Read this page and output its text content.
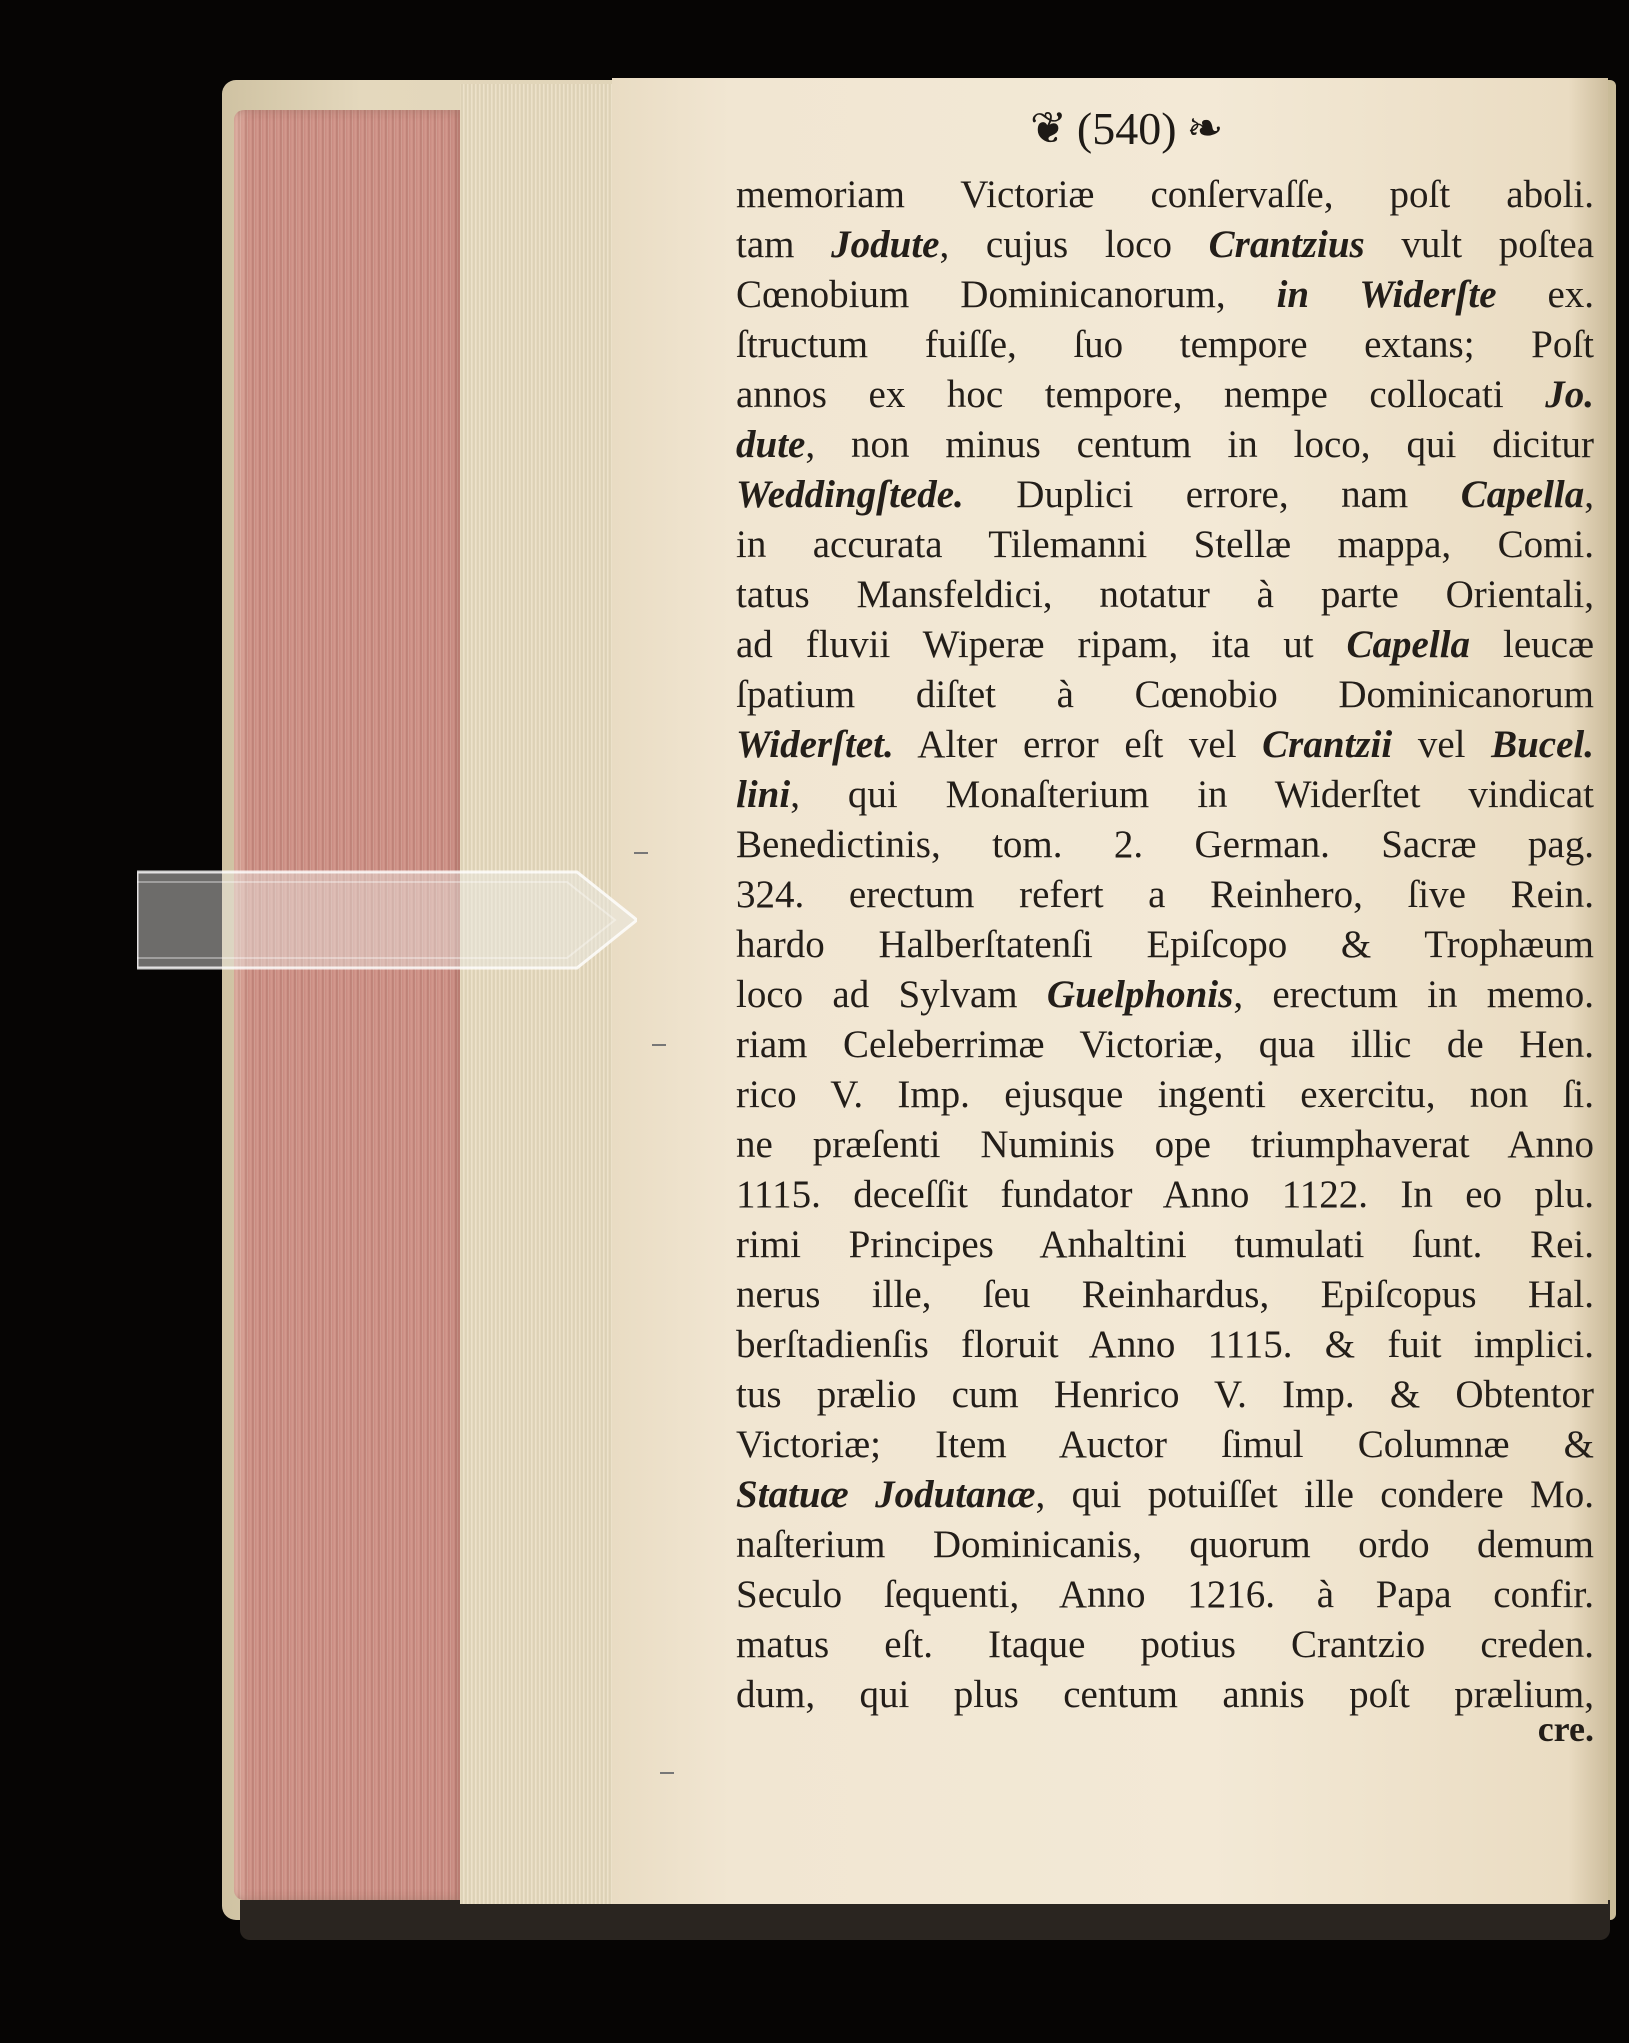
❦ (540) ❧
memoriam Victoriæ conſervaſſe, poſt aboli.
tam Jodute, cujus loco Crantzius vult poſtea
Cœnobium Dominicanorum, in Widerſte ex.
ſtructum fuiſſe, ſuo tempore extans; Poſt
annos ex hoc tempore, nempe collocati Jo.
dute, non minus centum in loco, qui dicitur
Weddingſtede. Duplici errore, nam Capella,
in accurata Tilemanni Stellæ mappa, Comi.
tatus Mansfeldici, notatur à parte Orientali,
ad fluvii Wiperæ ripam, ita ut Capella leucæ
ſpatium diſtet à Cœnobio Dominicanorum
Widerſtet. Alter error eſt vel Crantzii vel Bucel.
lini, qui Monaſterium in Widerſtet vindicat
Benedictinis, tom. 2. German. Sacræ pag.
324. erectum refert a Reinhero, ſive Rein.
hardo Halberſtatenſi Epiſcopo & Trophæum
loco ad Sylvam Guelphonis, erectum in memo.
riam Celeberrimæ Victoriæ, qua illic de Hen.
rico V. Imp. ejusque ingenti exercitu, non ſi.
ne præſenti Numinis ope triumphaverat Anno
1115. deceſſit fundator Anno 1122. In eo plu.
rimi Principes Anhaltini tumulati ſunt. Rei.
nerus ille, ſeu Reinhardus, Epiſcopus Hal.
berſtadienſis floruit Anno 1115. & fuit implici.
tus prælio cum Henrico V. Imp. & Obtentor
Victoriæ; Item Auctor ſimul Columnæ &
Statuæ Jodutanæ, qui potuiſſet ille condere Mo.
naſterium Dominicanis, quorum ordo demum
Seculo ſequenti, Anno 1216. à Papa confir.
matus eſt. Itaque potius Crantzio creden.
dum, qui plus centum annis poſt prælium,
cre.
